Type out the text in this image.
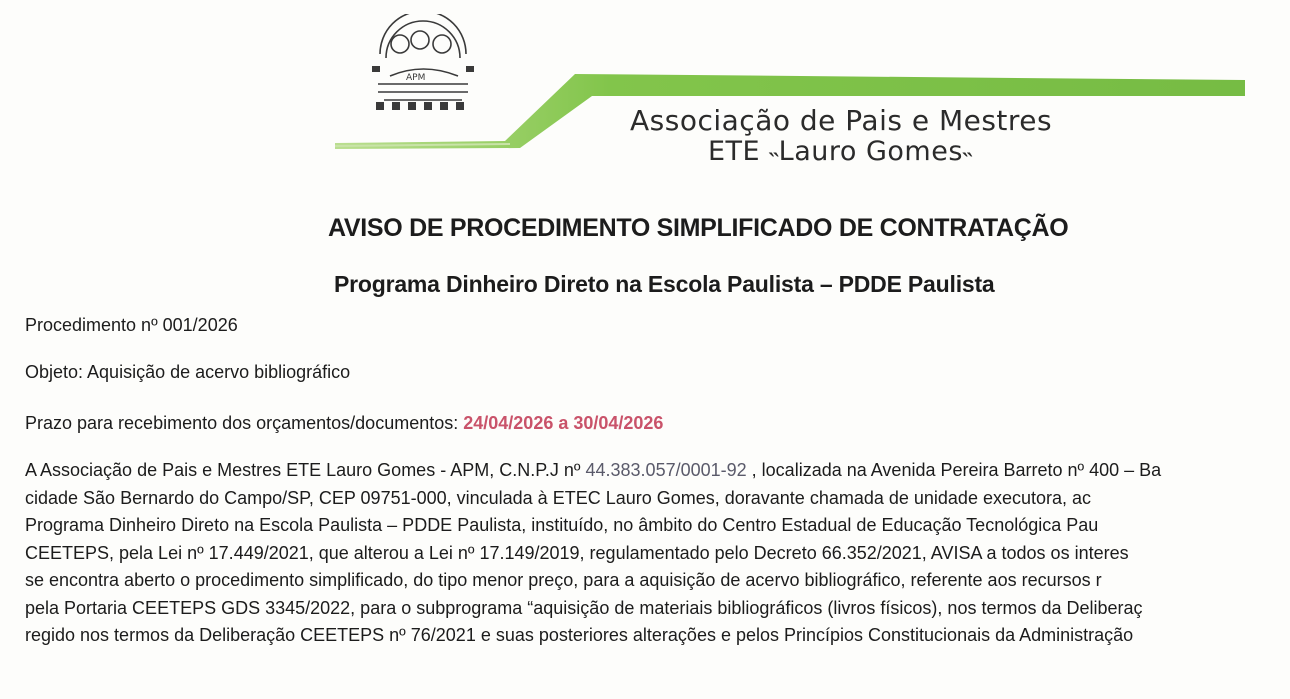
APM
Associação de Pais e Mestres
ETE ˵Lauro Gomes˵
AVISO DE PROCEDIMENTO SIMPLIFICADO DE CONTRATAÇÃO
Programa Dinheiro Direto na Escola Paulista – PDDE Paulista
Procedimento nº 001/2026
Objeto: Aquisição de acervo bibliográfico
Prazo para recebimento dos orçamentos/documentos: 24/04/2026 a 30/04/2026
A Associação de Pais e Mestres ETE Lauro Gomes - APM, C.N.P.J nº 44.383.057/0001-92 , localizada na Avenida Pereira Barreto nº 400 – Ba
cidade São Bernardo do Campo/SP, CEP 09751-000, vinculada à ETEC Lauro Gomes, doravante chamada de unidade executora, ac
Programa Dinheiro Direto na Escola Paulista – PDDE Paulista, instituído, no âmbito do Centro Estadual de Educação Tecnológica Pau
CEETEPS, pela Lei nº 17.449/2021, que alterou a Lei nº 17.149/2019, regulamentado pelo Decreto 66.352/2021, AVISA a todos os interes
se encontra aberto o procedimento simplificado, do tipo menor preço, para a aquisição de acervo bibliográfico, referente aos recursos r
pela Portaria CEETEPS GDS 3345/2022, para o subprograma “aquisição de materiais bibliográficos (livros físicos), nos termos da Deliberaç
regido nos termos da Deliberação CEETEPS nº 76/2021 e suas posteriores alterações e pelos Princípios Constitucionais da Administração
